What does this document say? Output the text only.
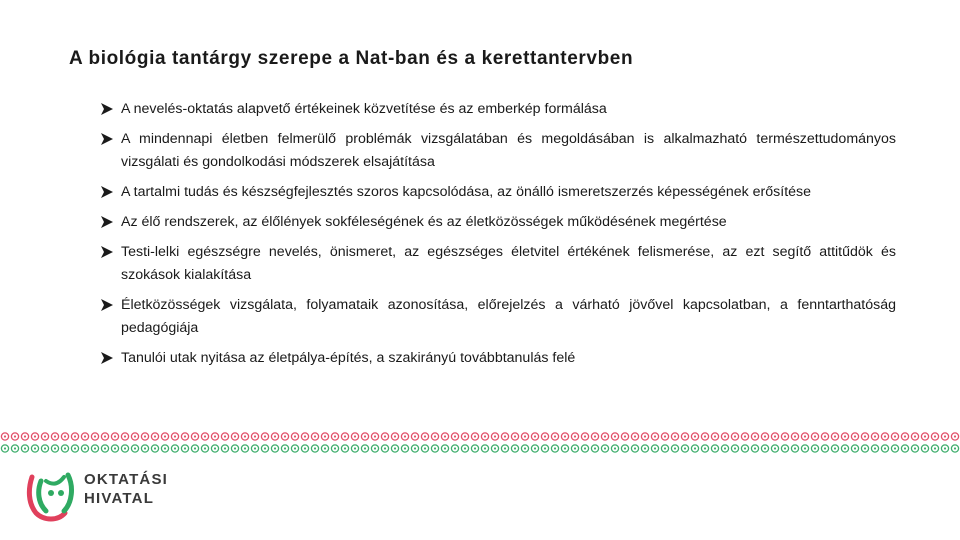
A biológia tantárgy szerepe a Nat-ban és a kerettantervben
A nevelés-oktatás alapvető értékeinek közvetítése és az emberkép formálása
A mindennapi életben felmerülő problémák vizsgálatában és megoldásában is alkalmazható természettudományos vizsgálati és gondolkodási módszerek elsajátítása
A tartalmi tudás és készségfejlesztés szoros kapcsolódása, az önálló ismeretszerzés képességének erősítése
Az élő rendszerek, az élőlények sokféleségének és az életközösségek működésének megértése
Testi-lelki egészségre nevelés, önismeret, az egészséges életvitel értékének felismerése, az ezt segítő attitűdök és szokások kialakítása
Életközösségek vizsgálata, folyamataik azonosítása, előrejelzés a várható jövővel kapcsolatban, a fenntarthatóság pedagógiája
Tanulói utak nyitása az életpálya-építés, a szakirányú továbbtanulás felé
OKTATÁSI
HIVATAL
